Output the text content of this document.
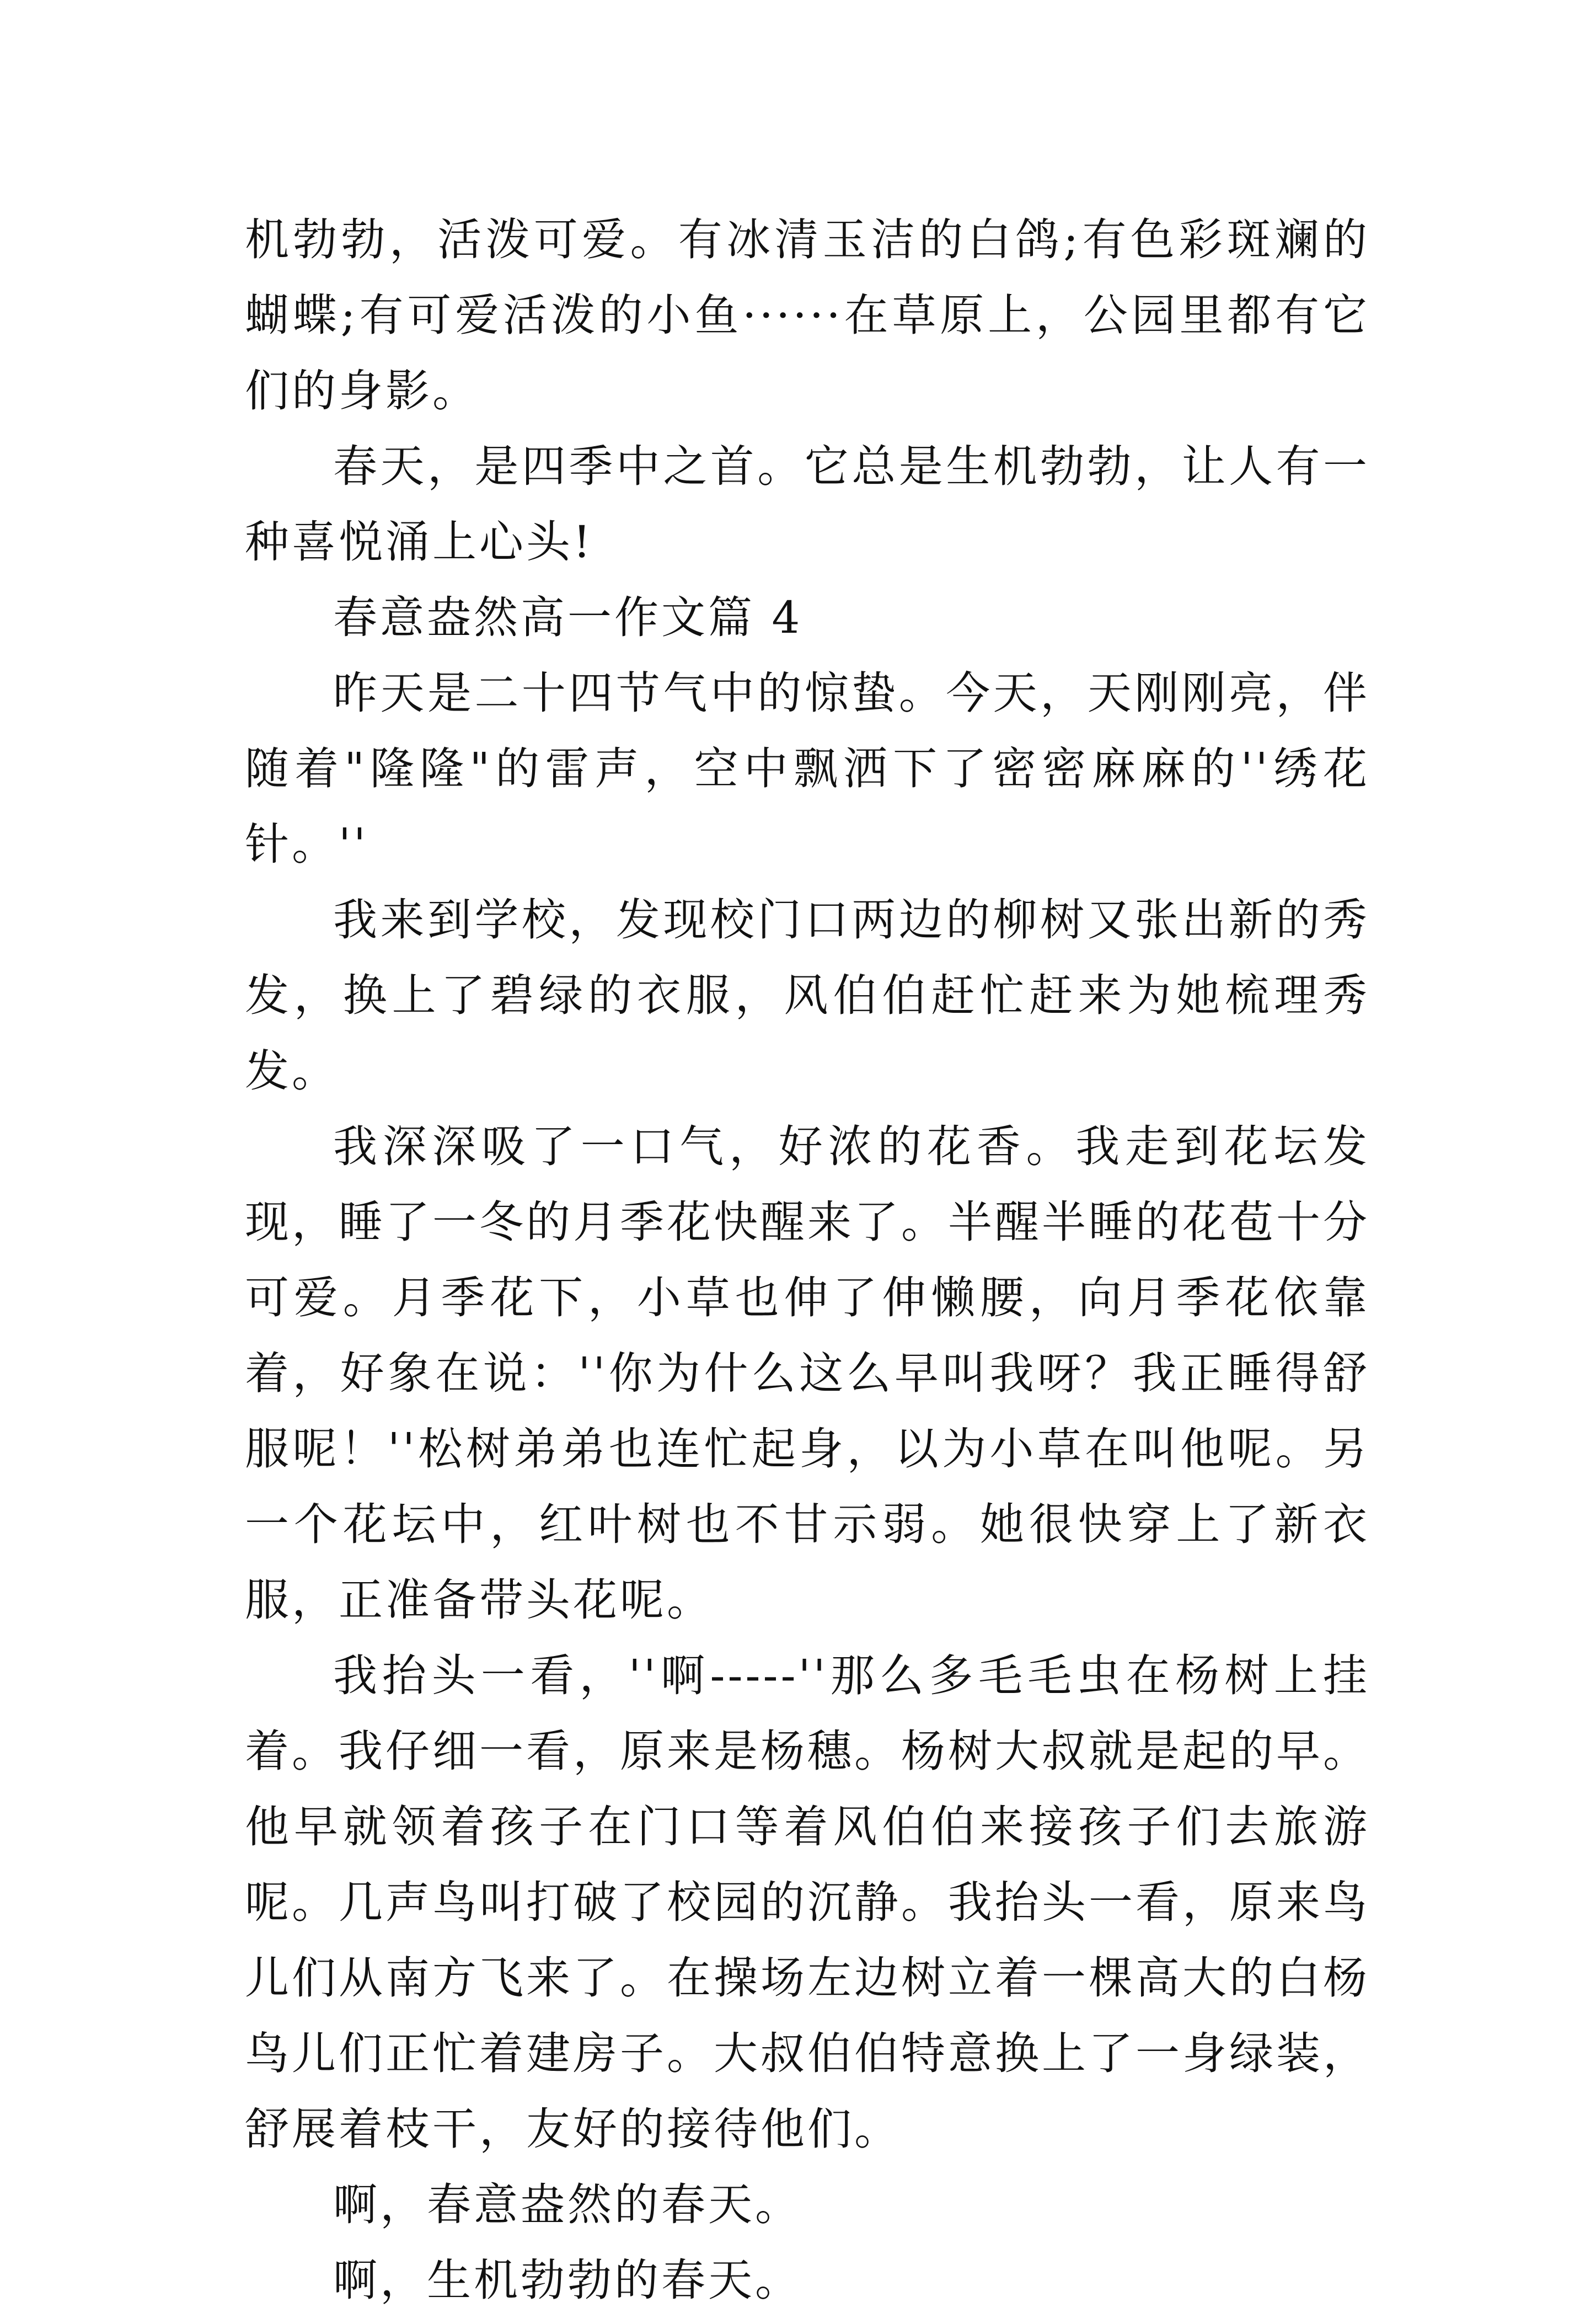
机勃勃，活泼可爱。有冰清玉洁的白鸽;有色彩斑斓的蝴蝶;有可爱活泼的小鱼······在草原上，公园里都有它们的身影。

春天，是四季中之首。它总是生机勃勃，让人有一种喜悦涌上心头!

春意盎然高一作文篇 4

昨天是二十四节气中的惊蛰。今天，天刚刚亮，伴随着"隆隆"的雷声，空中飘洒下了密密麻麻的''绣花针。''

我来到学校，发现校门口两边的柳树又张出新的秀发，换上了碧绿的衣服，风伯伯赶忙赶来为她梳理秀发。

我深深吸了一口气，好浓的花香。我走到花坛发现，睡了一冬的月季花快醒来了。半醒半睡的花苞十分可爱。月季花下，小草也伸了伸懒腰，向月季花依靠着，好象在说：''你为什么这么早叫我呀？我正睡得舒服呢！''松树弟弟也连忙起身，以为小草在叫他呢。另一个花坛中，红叶树也不甘示弱。她很快穿上了新衣服，正准备带头花呢。

我抬头一看，''啊-----''那么多毛毛虫在杨树上挂着。我仔细一看，原来是杨穗。杨树大叔就是起的早。他早就领着孩子在门口等着风伯伯来接孩子们去旅游呢。几声鸟叫打破了校园的沉静。我抬头一看，原来鸟儿们从南方飞来了。在操场左边树立着一棵高大的白杨鸟儿们正忙着建房子。大叔伯伯特意换上了一身绿装，舒展着枝干，友好的接待他们。

啊，春意盎然的春天。

啊，生机勃勃的春天。
